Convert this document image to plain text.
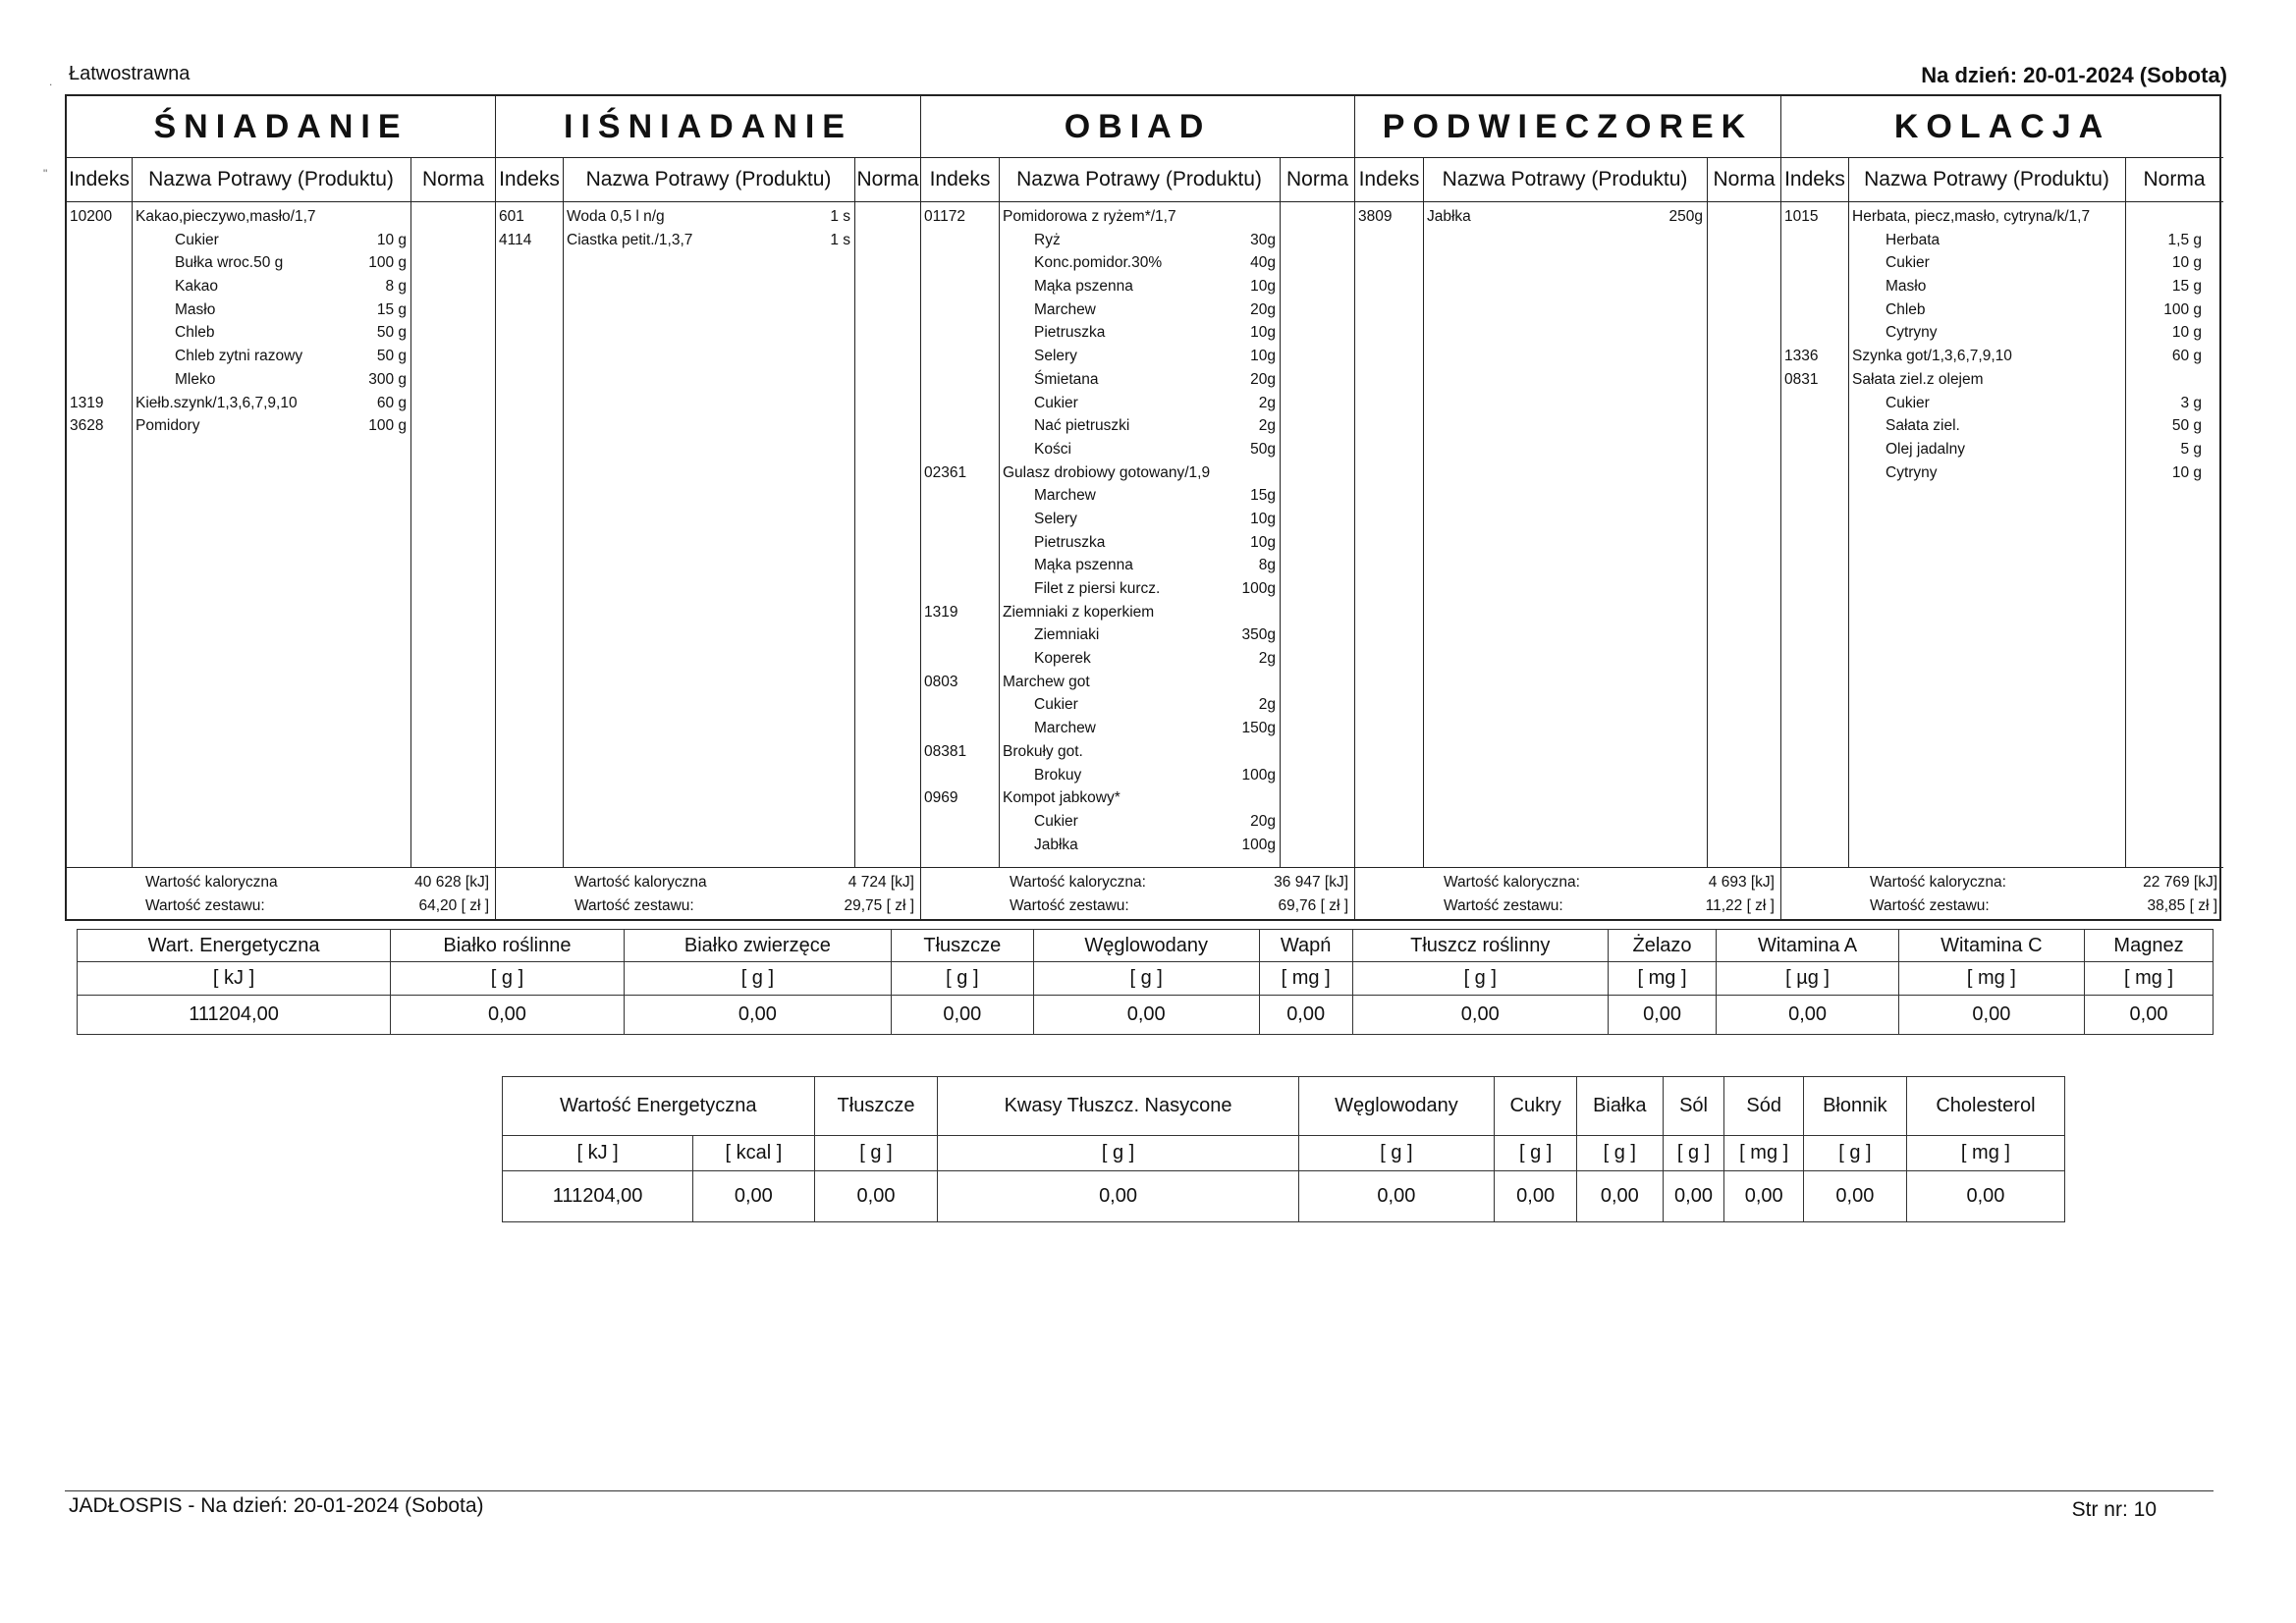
Łatwostrawna	Na dzień: 20-01-2024 (Sobota)
.
"
ŚNIADANIE
Indeks Nazwa Potrawy (Produktu)	Norma
10200 Kakao,pieczywo,masło/1,7
Cukier	10 g
Bułka wroc.50 g	100 g
Kakao	8 g
Masło	15 g
Chleb	50 g
Chleb zytni razowy	50 g
Mleko	300 g
1319 Kiełb.szynk/1,3,6,7,9,10	60 g
3628 Pomidory	100 g
Wartość kaloryczna	40 628 [kJ]
Wartość zestawu:	64,20 [ zł ]
IIŚNIADANIE
Indeks	Nazwa Potrawy (Produktu)	Norma
601	Woda 0,5 l n/g	1 s
4114 Ciastka petit./1,3,7	1 s
Wartość kaloryczna	4 724 [kJ]
Wartość zestawu:	29,75 [ zł ]
OBIAD
Indeks	Nazwa Potrawy (Produktu)	Norma
01172 Pomidorowa z ryżem*/1,7
Ryż	30g
Konc.pomidor.30%	40g
Mąka pszenna	10g
Marchew	20g
Pietruszka	10g
Selery	10g
Śmietana	20g
Cukier	2g
Nać pietruszki	2g
Kości	50g
02361 Gulasz drobiowy gotowany/1,9
Marchew	15g
Selery	10g
Pietruszka	10g
Mąka pszenna	8g
Filet z piersi kurcz.	100g
1319	Ziemniaki z koperkiem
Ziemniaki	350g
Koperek	2g
0803	Marchew got
Cukier	2g
Marchew	150g
08381 Brokuły got.
Brokuy	100g
0969	Kompot jabkowy*
Cukier	20g
Jabłka	100g
Wartość kaloryczna:	36 947 [kJ]
Wartość zestawu:	69,76 [ zł ]
PODWIECZOREK
Indeks	Nazwa Potrawy (Produktu)	Norma
3809 Jabłka	250g
Wartość kaloryczna:	4 693 [kJ]
Wartość zestawu:	11,22 [ zł ]
KOLACJA
Indeks Nazwa Potrawy (Produktu)	Norma
1015 Herbata, piecz,masło, cytryna/k/1,7
Herbata	1,5 g
Cukier	10 g
Masło	15 g
Chleb	100 g
Cytryny	10 g
1336 Szynka got/1,3,6,7,9,10	60 g
0831 Sałata ziel.z olejem
Cukier	3 g
Sałata ziel.	50 g
Olej jadalny	5 g
Cytryny	10 g
Wartość kaloryczna:	22 769 [kJ]
Wartość zestawu:	38,85 [ zł ]
Wart. Energetyczna	Białko roślinne	Białko zwierzęce	Tłuszcze	Węglowodany	Wapń	Tłuszcz roślinny	Żelazo	Witamina A	Witamina C	Magnez
[ kJ ]	[ g ]	[ g ]	[ g ]	[ g ]	[ mg ]	[ g ]	[ mg ]	[ µg ]	[ mg ]	[ mg ]
111204,00	0,00	0,00	0,00	0,00	0,00	0,00	0,00	0,00	0,00	0,00
Wartość Energetyczna		Tłuszcze	Kwasy Tłuszcz. Nasycone	Węglowodany	Cukry	Białka	Sól	Sód	Błonnik	Cholesterol
[ kJ ]	[ kcal ]	[ g ]	[ g ]	[ g ]	[ g ]	[ g ]	[ g ]	[ mg ]	[ g ]	[ mg ]
111204,00	0,00	0,00	0,00	0,00	0,00	0,00	0,00	0,00	0,00	0,00
JADŁOSPIS - Na dzień: 20-01-2024 (Sobota)	Str nr: 10
